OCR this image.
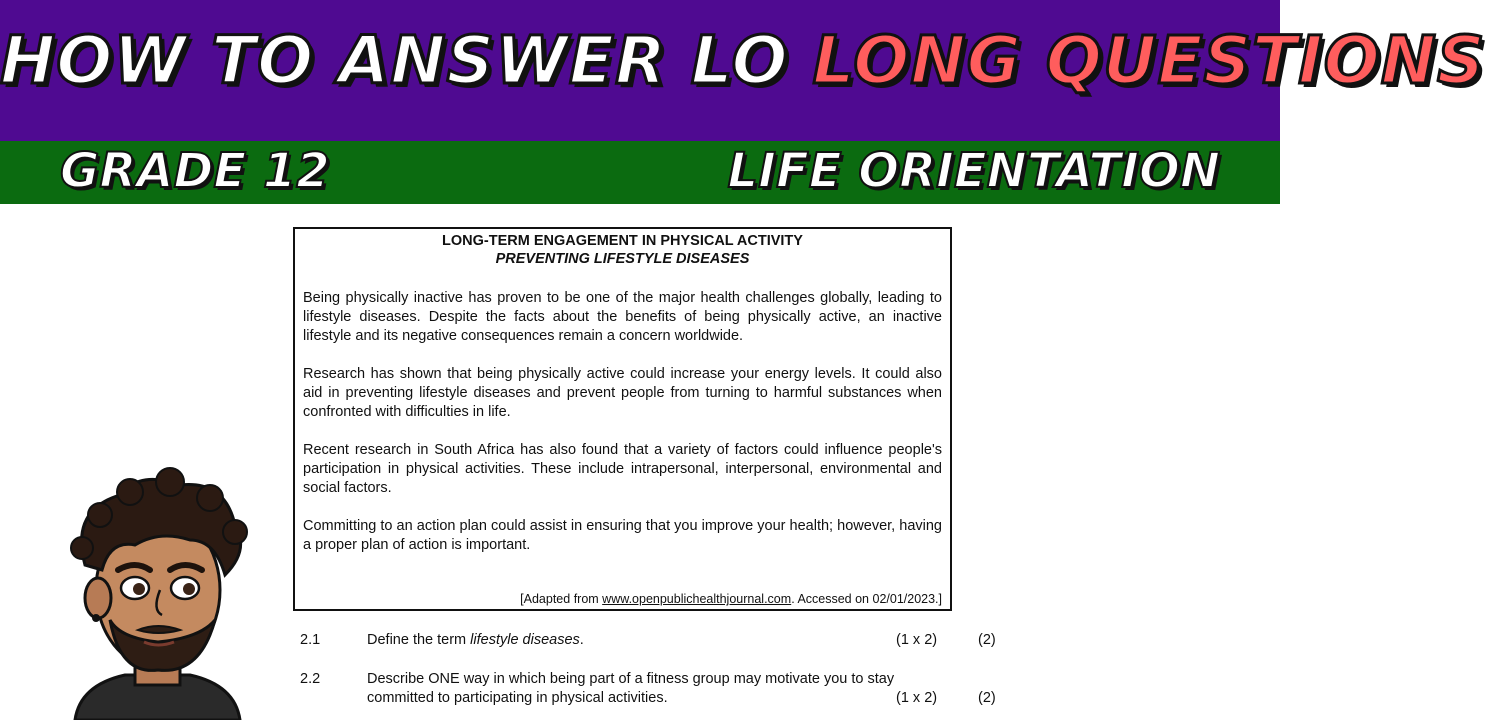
HOW TO ANSWER LO LONG QUESTIONS
GRADE 12	LIFE ORIENTATION
LONG-TERM ENGAGEMENT IN PHYSICAL ACTIVITY
PREVENTING LIFESTYLE DISEASES

Being physically inactive has proven to be one of the major health challenges globally, leading to lifestyle diseases. Despite the facts about the benefits of being physically active, an inactive lifestyle and its negative consequences remain a concern worldwide.

Research has shown that being physically active could increase your energy levels. It could also aid in preventing lifestyle diseases and prevent people from turning to harmful substances when confronted with difficulties in life.

Recent research in South Africa has also found that a variety of factors could influence people's participation in physical activities. These include intrapersonal, interpersonal, environmental and social factors.

Committing to an action plan could assist in ensuring that you improve your health; however, having a proper plan of action is important.

[Adapted from www.openpublichealthjournal.com. Accessed on 02/01/2023.]
2.1	Define the term lifestyle diseases.	(1 x 2)	(2)
2.2	Describe ONE way in which being part of a fitness group may motivate you to stay committed to participating in physical activities.	(1 x 2)	(2)
